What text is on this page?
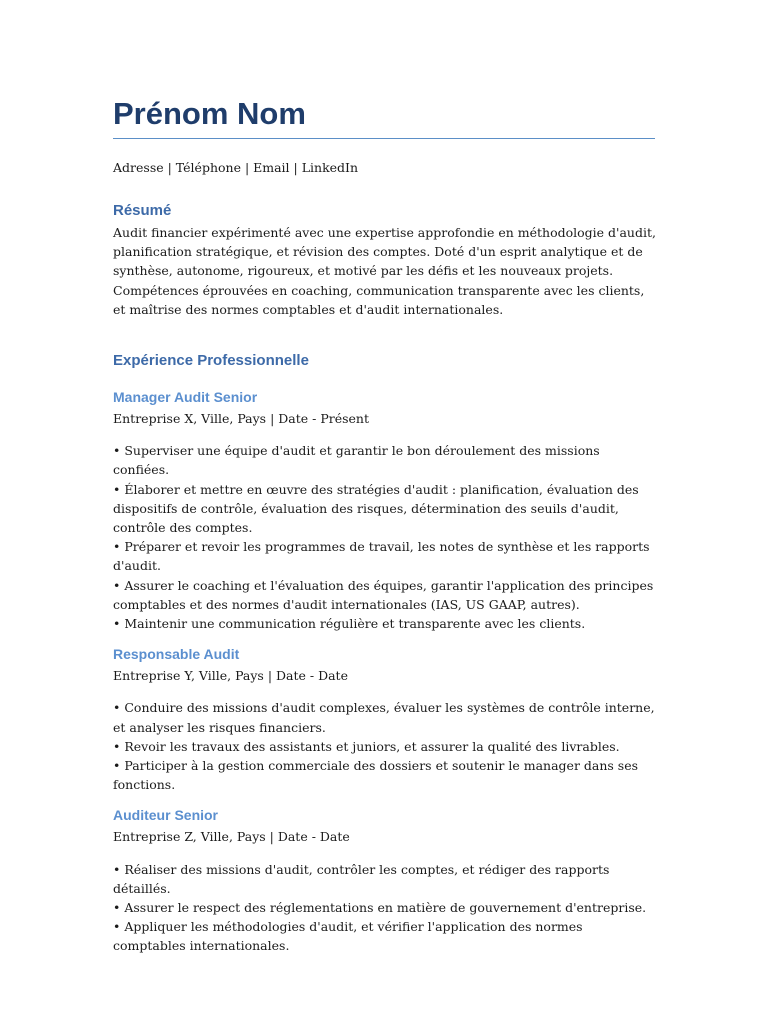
Prénom Nom
Adresse | Téléphone | Email | LinkedIn
Résumé
Audit financier expérimenté avec une expertise approfondie en méthodologie d'audit, planification stratégique, et révision des comptes. Doté d'un esprit analytique et de synthèse, autonome, rigoureux, et motivé par les défis et les nouveaux projets. Compétences éprouvées en coaching, communication transparente avec les clients, et maîtrise des normes comptables et d'audit internationales.
Expérience Professionnelle
Manager Audit Senior
Entreprise X, Ville, Pays | Date - Présent
• Superviser une équipe d'audit et garantir le bon déroulement des missions confiées.
• Élaborer et mettre en œuvre des stratégies d'audit : planification, évaluation des dispositifs de contrôle, évaluation des risques, détermination des seuils d'audit, contrôle des comptes.
• Préparer et revoir les programmes de travail, les notes de synthèse et les rapports d'audit.
• Assurer le coaching et l'évaluation des équipes, garantir l'application des principes comptables et des normes d'audit internationales (IAS, US GAAP, autres).
• Maintenir une communication régulière et transparente avec les clients.
Responsable Audit
Entreprise Y, Ville, Pays | Date - Date
• Conduire des missions d'audit complexes, évaluer les systèmes de contrôle interne, et analyser les risques financiers.
• Revoir les travaux des assistants et juniors, et assurer la qualité des livrables.
• Participer à la gestion commerciale des dossiers et soutenir le manager dans ses fonctions.
Auditeur Senior
Entreprise Z, Ville, Pays | Date - Date
• Réaliser des missions d'audit, contrôler les comptes, et rédiger des rapports détaillés.
• Assurer le respect des réglementations en matière de gouvernement d'entreprise.
• Appliquer les méthodologies d'audit, et vérifier l'application des normes comptables internationales.
